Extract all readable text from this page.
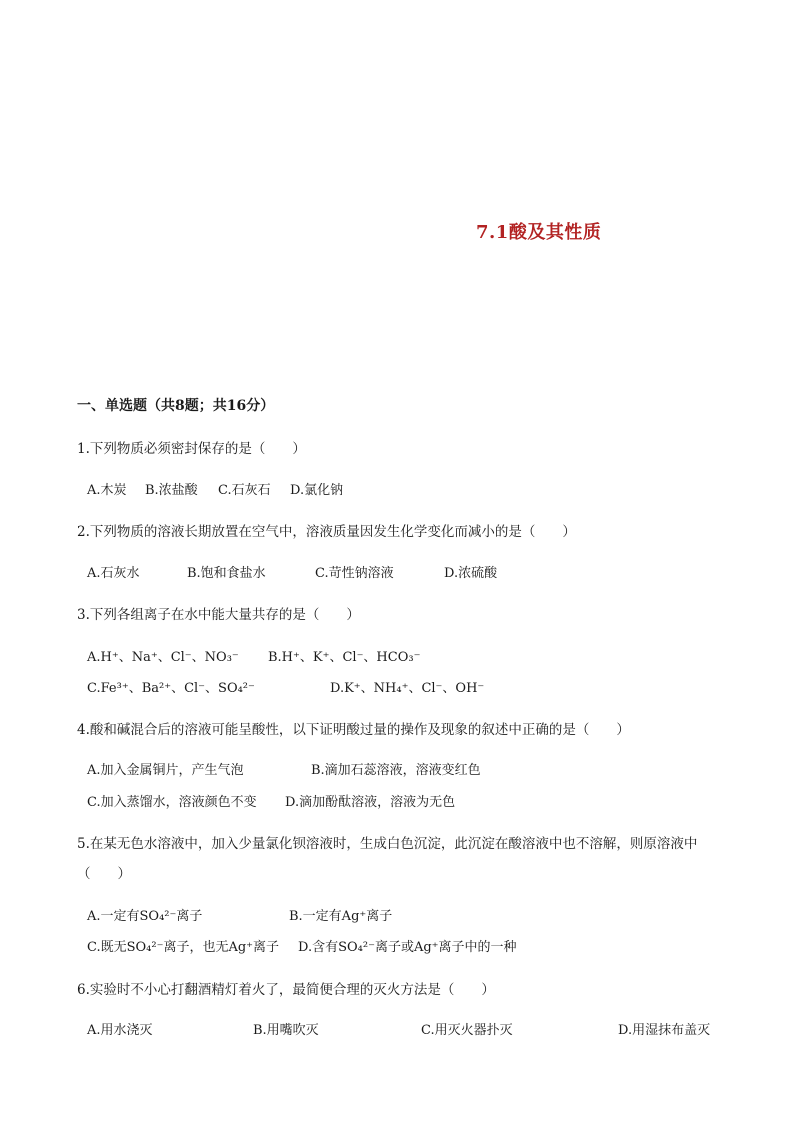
7.1酸及其性质
一、单选题（共8题；共16分）
1.下列物质必须密封保存的是（　　）
A.木炭 B.浓盐酸 C.石灰石 D.氯化钠
2.下列物质的溶液长期放置在空气中，溶液质量因发生化学变化而减小的是（　　）
A.石灰水	B.饱和食盐水	C.苛性钠溶液	D.浓硫酸
3.下列各组离子在水中能大量共存的是（　　）
A.H⁺、Na⁺、Cl⁻、NO₃⁻ B.H⁺、K⁺、Cl⁻、HCO₃⁻
C.Fe³⁺、Ba²⁺、Cl⁻、SO₄²⁻	D.K⁺、NH₄⁺、Cl⁻、OH⁻
4.酸和碱混合后的溶液可能呈酸性，以下证明酸过量的操作及现象的叙述中正确的是（　　）
A.加入金属铜片，产生气泡	B.滴加石蕊溶液，溶液变红色
C.加入蒸馏水，溶液颜色不变 D.滴加酚酞溶液，溶液为无色
5.在某无色水溶液中，加入少量氯化钡溶液时，生成白色沉淀，此沉淀在酸溶液中也不溶解，则原溶液中
（　　）
A.一定有SO₄²⁻离子	B.一定有Ag⁺离子
C.既无SO₄²⁻离子，也无Ag⁺离子 D.含有SO₄²⁻离子或Ag⁺离子中的一种
6.实验时不小心打翻酒精灯着火了，最简便合理的灭火方法是（　　）
A.用水浇灭	B.用嘴吹灭	C.用灭火器扑灭	D.用湿抹布盖灭
